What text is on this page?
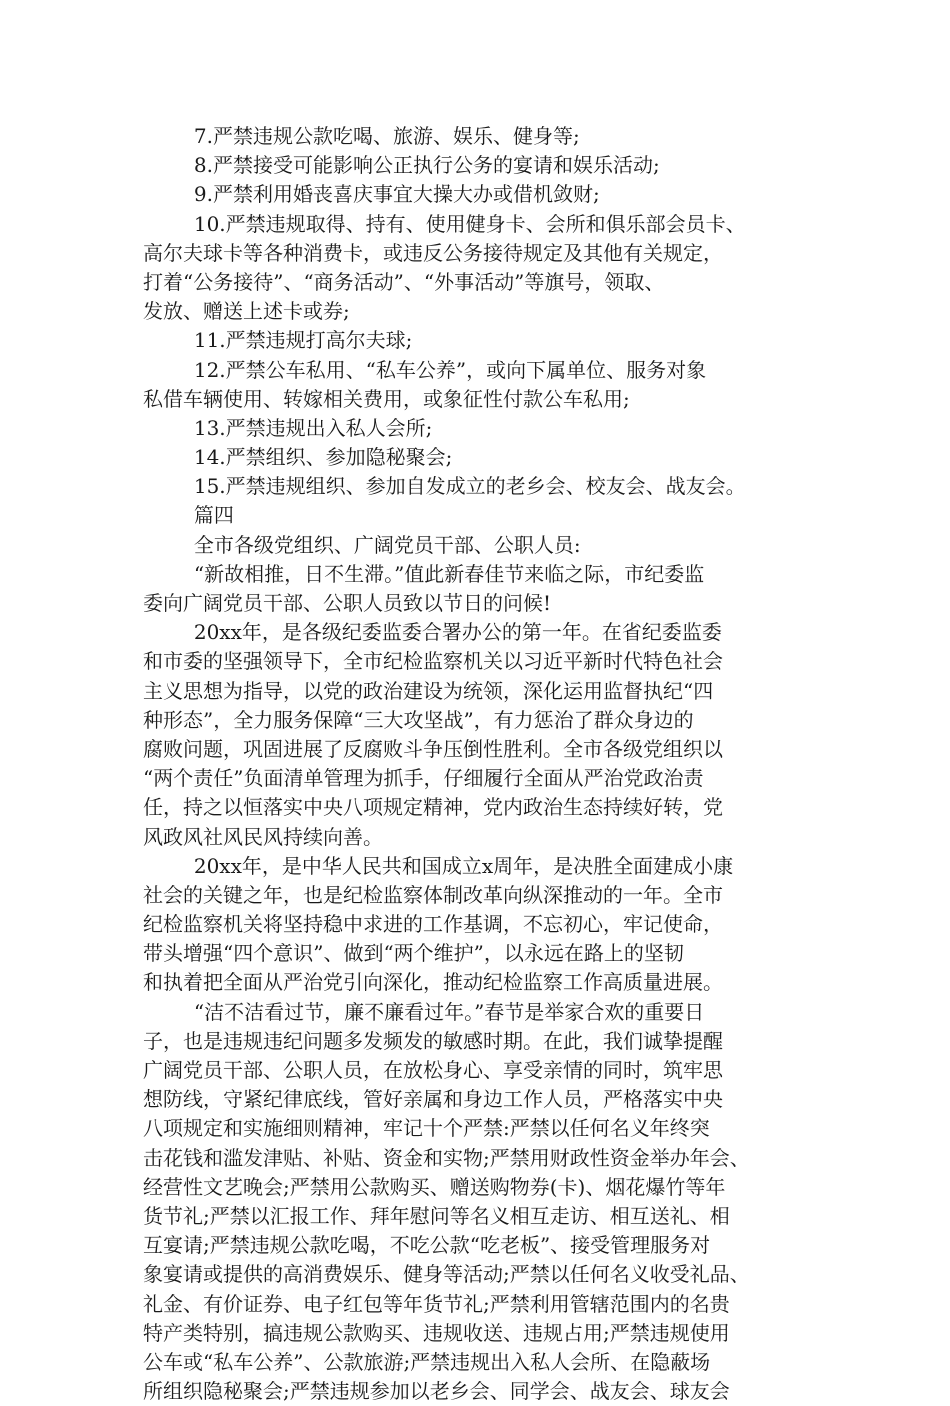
7.严禁违规公款吃喝、旅游、娱乐、健身等;
8.严禁接受可能影响公正执行公务的宴请和娱乐活动;
9.严禁利用婚丧喜庆事宜大操大办或借机敛财;
10.严禁违规取得、持有、使用健身卡、会所和俱乐部会员卡、
高尔夫球卡等各种消费卡，或违反公务接待规定及其他有关规定，
打着“公务接待”、“商务活动”、“外事活动”等旗号，领取、
发放、赠送上述卡或券;
11.严禁违规打高尔夫球;
12.严禁公车私用、“私车公养”，或向下属单位、服务对象
私借车辆使用、转嫁相关费用，或象征性付款公车私用;
13.严禁违规出入私人会所;
14.严禁组织、参加隐秘聚会;
15.严禁违规组织、参加自发成立的老乡会、校友会、战友会。
篇四
全市各级党组织、广阔党员干部、公职人员:
“新故相推，日不生滞。”值此新春佳节来临之际，市纪委监
委向广阔党员干部、公职人员致以节日的问候!
20xx年，是各级纪委监委合署办公的第一年。在省纪委监委
和市委的坚强领导下，全市纪检监察机关以习近平新时代特色社会
主义思想为指导，以党的政治建设为统领，深化运用监督执纪“四
种形态”，全力服务保障“三大攻坚战”，有力惩治了群众身边的
腐败问题，巩固进展了反腐败斗争压倒性胜利。全市各级党组织以
“两个责任”负面清单管理为抓手，仔细履行全面从严治党政治责
任，持之以恒落实中央八项规定精神，党内政治生态持续好转，党
风政风社风民风持续向善。
20xx年，是中华人民共和国成立x周年，是决胜全面建成小康
社会的关键之年，也是纪检监察体制改革向纵深推动的一年。全市
纪检监察机关将坚持稳中求进的工作基调，不忘初心，牢记使命，
带头增强“四个意识”、做到“两个维护”，以永远在路上的坚韧
和执着把全面从严治党引向深化，推动纪检监察工作高质量进展。
“洁不洁看过节，廉不廉看过年。”春节是举家合欢的重要日
子，也是违规违纪问题多发频发的敏感时期。在此，我们诚挚提醒
广阔党员干部、公职人员，在放松身心、享受亲情的同时，筑牢思
想防线，守紧纪律底线，管好亲属和身边工作人员，严格落实中央
八项规定和实施细则精神，牢记十个严禁:严禁以任何名义年终突
击花钱和滥发津贴、补贴、资金和实物;严禁用财政性资金举办年会、
经营性文艺晚会;严禁用公款购买、赠送购物券(卡)、烟花爆竹等年
货节礼;严禁以汇报工作、拜年慰问等名义相互走访、相互送礼、相
互宴请;严禁违规公款吃喝，不吃公款“吃老板”、接受管理服务对
象宴请或提供的高消费娱乐、健身等活动;严禁以任何名义收受礼品、
礼金、有价证券、电子红包等年货节礼;严禁利用管辖范围内的名贵
特产类特别，搞违规公款购买、违规收送、违规占用;严禁违规使用
公车或“私车公养”、公款旅游;严禁违规出入私人会所、在隐蔽场
所组织隐秘聚会;严禁违规参加以老乡会、同学会、战友会、球友会
